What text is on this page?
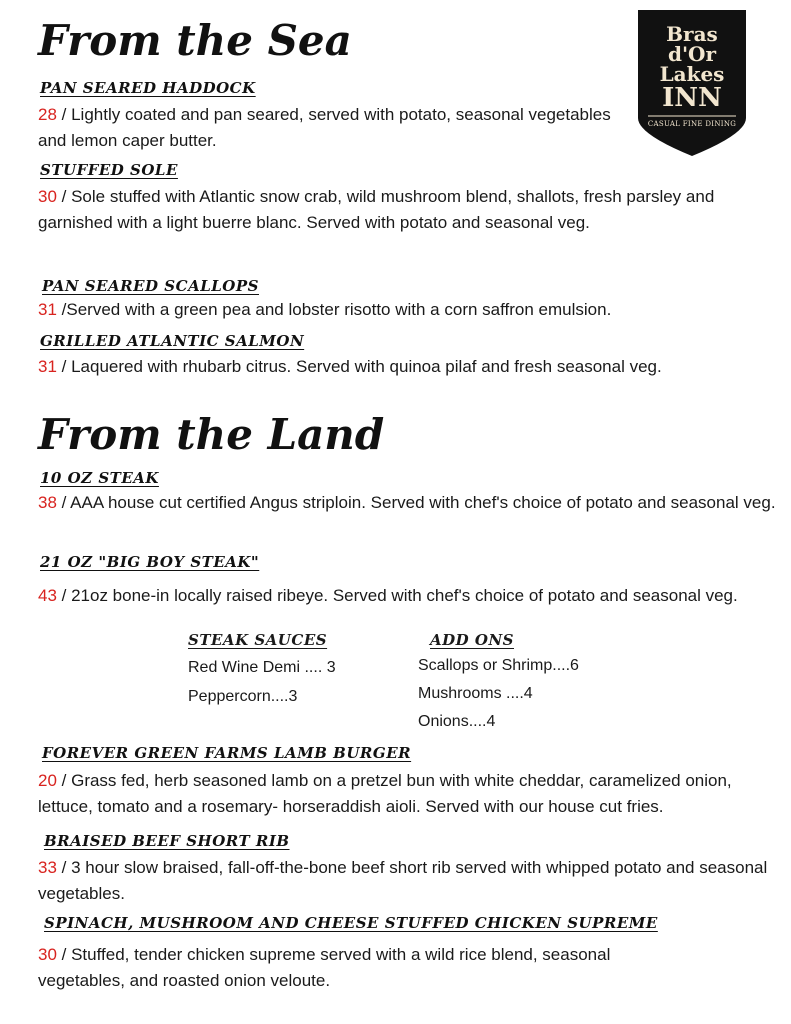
Bras
d'Or
Lakes
INN
CASUAL FINE DINING
From the Sea
PAN SEARED HADDOCK
28 / Lightly coated and pan seared, served with potato, seasonal vegetables and lemon caper butter.
STUFFED SOLE
30 / Sole stuffed with Atlantic snow crab, wild mushroom blend, shallots, fresh parsley and garnished with a light buerre blanc. Served with potato and seasonal veg.
PAN SEARED SCALLOPS
31 /Served with a green pea and lobster risotto with a corn saffron emulsion.
GRILLED ATLANTIC SALMON
31 / Laquered with rhubarb citrus. Served with quinoa pilaf and fresh seasonal veg.
From the Land
10 OZ STEAK
38 / AAA house cut certified Angus striploin. Served with chef's choice of potato and seasonal veg.
21 OZ "BIG BOY STEAK"
43 / 21oz bone-in locally raised ribeye. Served with chef's choice of potato and seasonal veg.
STEAK SAUCES
Red Wine Demi .... 3
Peppercorn....3
ADD ONS
Scallops or Shrimp....6
Mushrooms ....4
Onions....4
FOREVER GREEN FARMS LAMB BURGER
20 / Grass fed, herb seasoned lamb on a pretzel bun with white cheddar, caramelized onion, lettuce, tomato and a rosemary- horseraddish aioli. Served with our house cut fries.
BRAISED BEEF SHORT RIB
33 / 3 hour slow braised, fall-off-the-bone beef short rib served with whipped potato and seasonal vegetables.
SPINACH, MUSHROOM AND CHEESE STUFFED CHICKEN SUPREME
30 / Stuffed, tender chicken supreme served with a wild rice blend, seasonal vegetables, and roasted onion veloute.
